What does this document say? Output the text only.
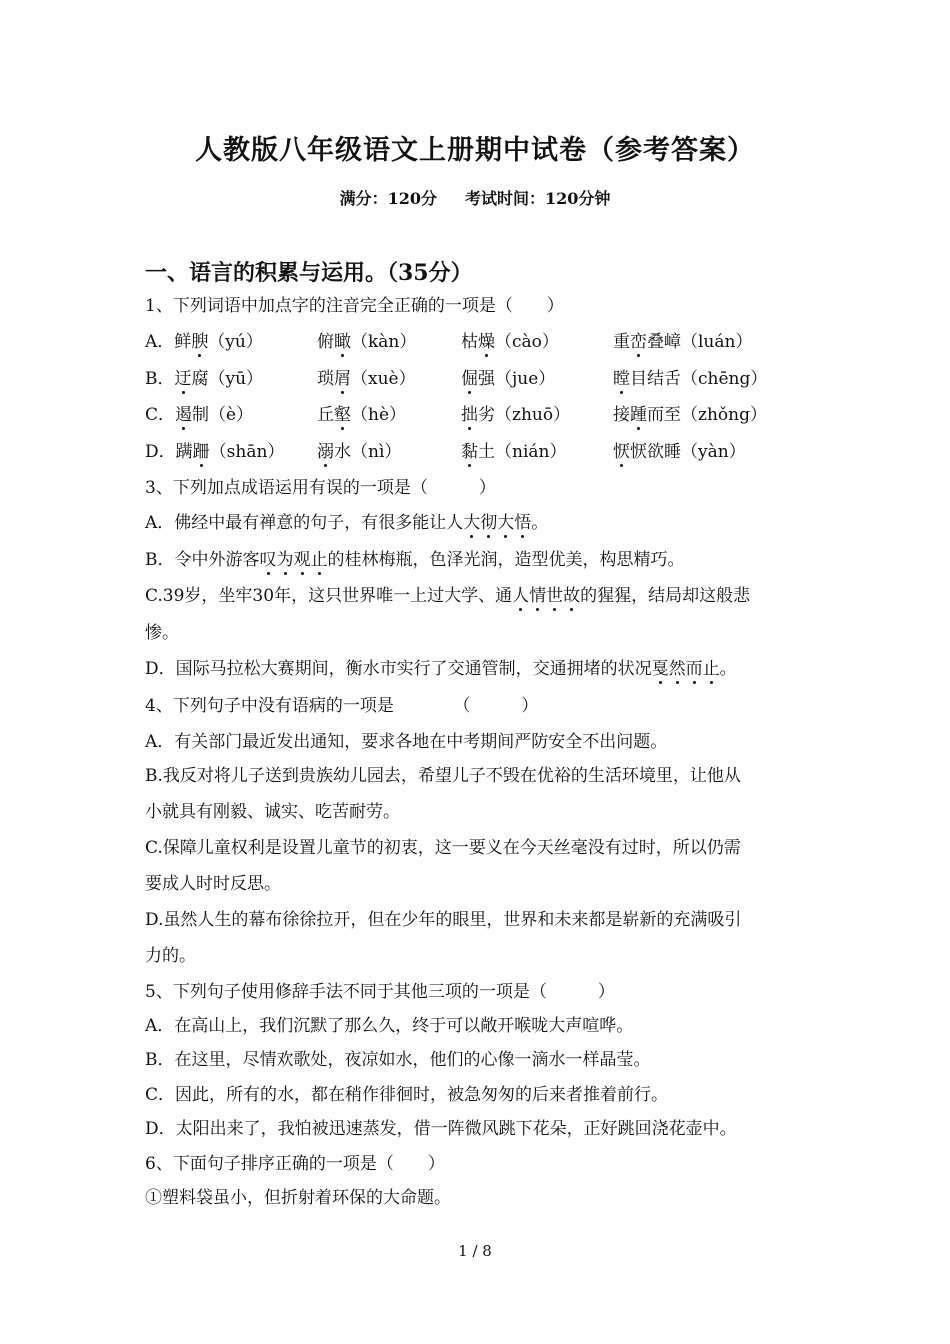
人教版八年级语文上册期中试卷（参考答案）
满分：120分 考试时间：120分钟
一、语言的积累与运用。（35分）
1、下列词语中加点字的注音完全正确的一项是（　　）
A．鲜腴（yú）	俯瞰（kàn）	枯燥（cào）	重峦叠嶂（luán）
B．迂腐（yū）	琐屑（xuè）	倔强（jue）	瞠目结舌（chēng）
C．遏制（è）	丘壑（hè）	拙劣（zhuō）	接踵而至（zhǒng）
D．蹒跚（shān） 溺水（nì）	黏土（nián）	恹恹欲睡（yàn）
3、下列加点成语运用有误的一项是（　　　）
A．佛经中最有禅意的句子，有很多能让人大彻大悟。
B．令中外游客叹为观止的桂林梅瓶，色泽光润，造型优美，构思精巧。
C.39岁，坐牢30年，这只世界唯一上过大学、通人情世故的猩猩，结局却这般悲
惨。
D．国际马拉松大赛期间，衡水市实行了交通管制，交通拥堵的状况戛然而止。
4、下列句子中没有语病的一项是　　　　（　　　）
A．有关部门最近发出通知，要求各地在中考期间严防安全不出问题。
B.我反对将儿子送到贵族幼儿园去，希望儿子不毁在优裕的生活环境里，让他从
小就具有刚毅、诚实、吃苦耐劳。
C.保障儿童权利是设置儿童节的初衷，这一要义在今天丝毫没有过时，所以仍需
要成人时时反思。
D.虽然人生的幕布徐徐拉开，但在少年的眼里，世界和未来都是崭新的充满吸引
力的。
5、下列句子使用修辞手法不同于其他三项的一项是（　　　）
A．在高山上，我们沉默了那么久，终于可以敞开喉咙大声喧哗。
B．在这里，尽情欢歌处，夜凉如水，他们的心像一滴水一样晶莹。
C．因此，所有的水，都在稍作徘徊时，被急匆匆的后来者推着前行。
D．太阳出来了，我怕被迅速蒸发，借一阵微风跳下花朵，正好跳回浇花壶中。
6、下面句子排序正确的一项是（　　）
①塑料袋虽小，但折射着环保的大命题。
1 / 8
